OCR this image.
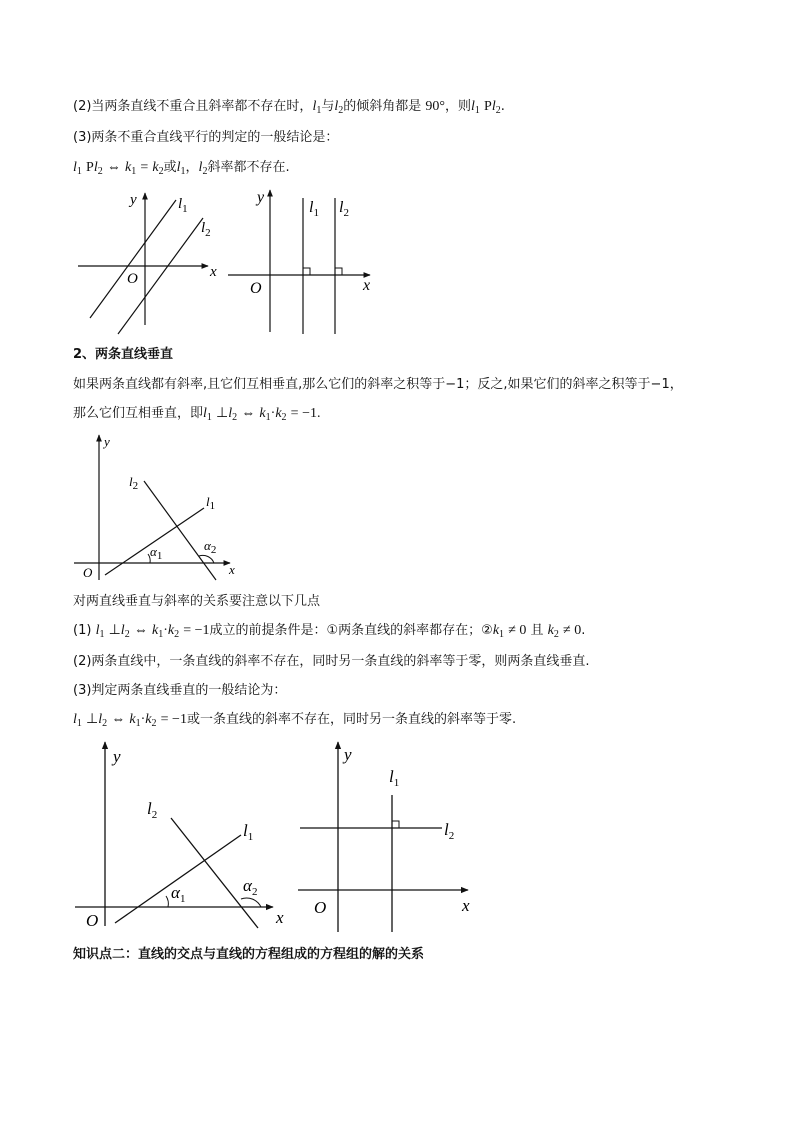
(2)当两条直线不重合且斜率都不存在时，$l_1$与$l_2$的倾斜角都是 90°，则$l_1$ $Pl_2$.
(3)两条不重合直线平行的判定的一般结论是：
$l_1$ $Pl_2$ ⇔ $k_1 = k_2$或$l_1$，$l_2$斜率都不存在.
y
x
O
$l_1$
$l_2$
y
x
O
$l_1$ $l_2$
2、两条直线垂直
如果两条直线都有斜率,且它们互相垂直,那么它们的斜率之积等于−1；反之,如果它们的斜率之积等于−1，
那么它们互相垂直，即$l_1$ $\perp l_2$ ⇔ $k_1\cdot k_2 = -1$.
y
x
O
$l_2$
$l_1$
$\alpha_1$
$\alpha_2$
对两直线垂直与斜率的关系要注意以下几点
(1) $l_1$ $\perp l_2$ ⇔ $k_1\cdot k_2 = -1$成立的前提条件是：①两条直线的斜率都存在；$②k_1 \ne 0$ 且 $k_2 \ne 0$.
(2)两条直线中，一条直线的斜率不存在，同时另一条直线的斜率等于零，则两条直线垂直.
(3)判定两条直线垂直的一般结论为：
$l_1$ $\perp l_2$ ⇔ $k_1\cdot k_2 = -1$或一条直线的斜率不存在，同时另一条直线的斜率等于零.
y
x
O
$l_2$
$l_1$
$\alpha_1$
$\alpha_2$
y
x
O
$l_1$
$l_2$
知识点二：直线的交点与直线的方程组成的方程组的解的关系
